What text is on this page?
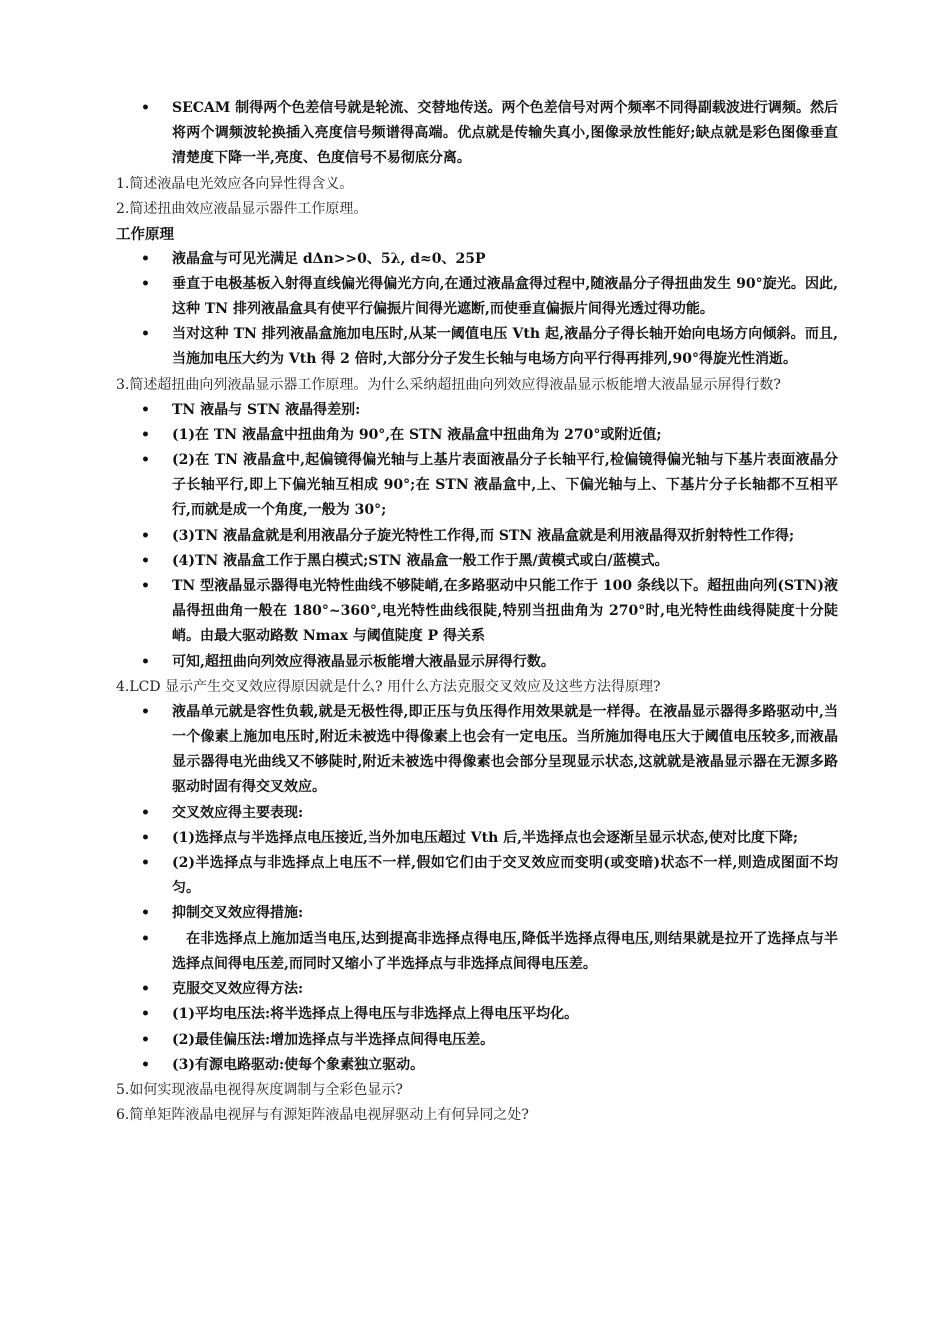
• SECAM 制得两个色差信号就是轮流、交替地传送。两个色差信号对两个频率不同得副载波进行调频。然后将两个调频波轮换插入亮度信号频谱得高端。优点就是传输失真小,图像录放性能好;缺点就是彩色图像垂直清楚度下降一半,亮度、色度信号不易彻底分离。

1.简述液晶电光效应各向异性得含义。

2.简述扭曲效应液晶显示器件工作原理。

工作原理

• 液晶盒与可见光满足 dΔn>>0、5λ, d≈0、25P
• 垂直于电极基板入射得直线偏光得偏光方向,在通过液晶盒得过程中,随液晶分子得扭曲发生 90°旋光。因此,这种 TN 排列液晶盒具有使平行偏振片间得光遮断,而使垂直偏振片间得光透过得功能。
• 当对这种 TN 排列液晶盒施加电压时,从某一阈值电压 Vth 起,液晶分子得长轴开始向电场方向倾斜。而且,当施加电压大约为 Vth 得 2 倍时,大部分分子发生长轴与电场方向平行得再排列,90°得旋光性消逝。

3.简述超扭曲向列液晶显示器工作原理。为什么采纳超扭曲向列效应得液晶显示板能增大液晶显示屏得行数?

• TN 液晶与 STN 液晶得差别:
• (1)在 TN 液晶盒中扭曲角为 90°,在 STN 液晶盒中扭曲角为 270°或附近值;
• (2)在 TN 液晶盒中,起偏镜得偏光轴与上基片表面液晶分子长轴平行,检偏镜得偏光轴与下基片表面液晶分子长轴平行,即上下偏光轴互相成 90°;在 STN 液晶盒中,上、下偏光轴与上、下基片分子长轴都不互相平行,而就是成一个角度,一般为 30°;
• (3)TN 液晶盒就是利用液晶分子旋光特性工作得,而 STN 液晶盒就是利用液晶得双折射特性工作得;
• (4)TN 液晶盒工作于黑白模式;STN 液晶盒一般工作于黑/黄模式或白/蓝模式。
• TN 型液晶显示器得电光特性曲线不够陡峭,在多路驱动中只能工作于 100 条线以下。超扭曲向列(STN)液晶得扭曲角一般在 180°~360°,电光特性曲线很陡,特别当扭曲角为 270°时,电光特性曲线得陡度十分陡峭。由最大驱动路数 Nmax 与阈值陡度 P 得关系
• 可知,超扭曲向列效应得液晶显示板能增大液晶显示屏得行数。

4.LCD 显示产生交叉效应得原因就是什么? 用什么方法克服交叉效应及这些方法得原理?

• 液晶单元就是容性负载,就是无极性得,即正压与负压得作用效果就是一样得。在液晶显示器得多路驱动中,当一个像素上施加电压时,附近未被选中得像素上也会有一定电压。当所施加得电压大于阈值电压较多,而液晶显示器得电光曲线又不够陡时,附近未被选中得像素也会部分呈现显示状态,这就就是液晶显示器在无源多路驱动时固有得交叉效应。
• 交叉效应得主要表现:
• (1)选择点与半选择点电压接近,当外加电压超过 Vth 后,半选择点也会逐渐呈显示状态,使对比度下降;
• (2)半选择点与非选择点上电压不一样,假如它们由于交叉效应而变明(或变暗)状态不一样,则造成图面不均匀。
• 抑制交叉效应得措施:
• 　在非选择点上施加适当电压,达到提高非选择点得电压,降低半选择点得电压,则结果就是拉开了选择点与半选择点间得电压差,而同时又缩小了半选择点与非选择点间得电压差。
• 克服交叉效应得方法:
• (1)平均电压法:将半选择点上得电压与非选择点上得电压平均化。
• (2)最佳偏压法:增加选择点与半选择点间得电压差。
• (3)有源电路驱动:使每个象素独立驱动。

5.如何实现液晶电视得灰度调制与全彩色显示?

6.简单矩阵液晶电视屏与有源矩阵液晶电视屏驱动上有何异同之处?
